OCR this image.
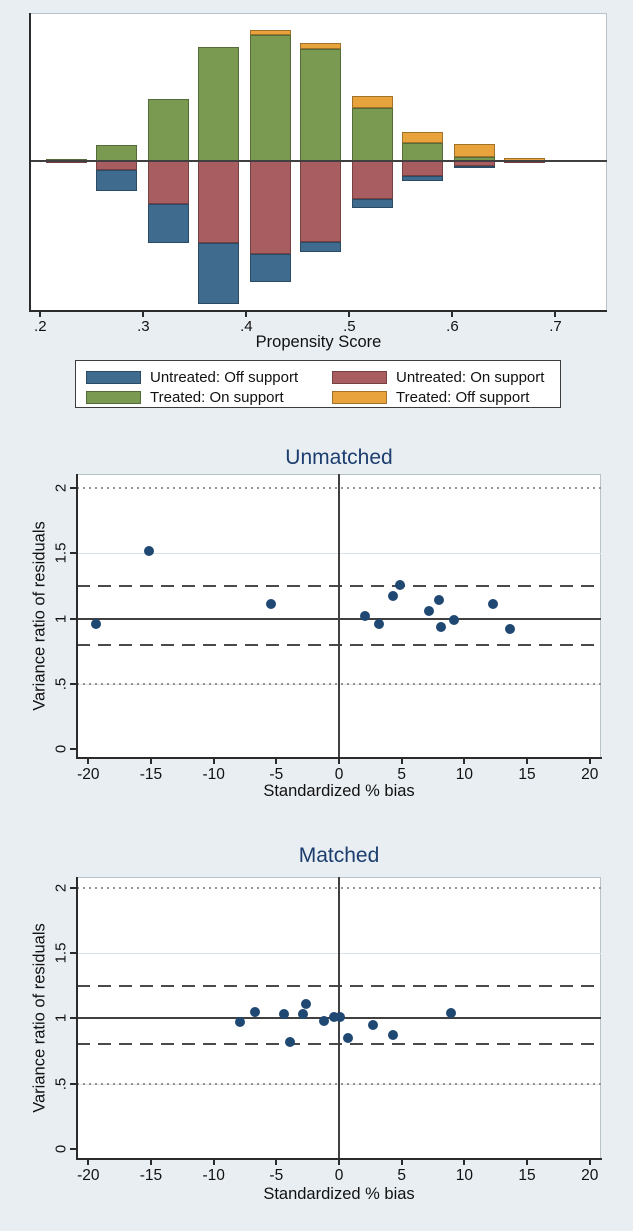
.2	.3	.4	.5	.6	.7
Propensity Score
Untreated: Off support	Untreated: On support
Treated: On support	Treated: Off support
Unmatched
-20	-15	-10	-5	0	5	10	15	20
0
.5
1
1.5
2
Variance ratio of residuals
Standardized % bias
Matched
-20	-15	-10	-5	0	5	10	15	20
0
.5
1
1.5
2
Variance ratio of residuals
Standardized % bias
